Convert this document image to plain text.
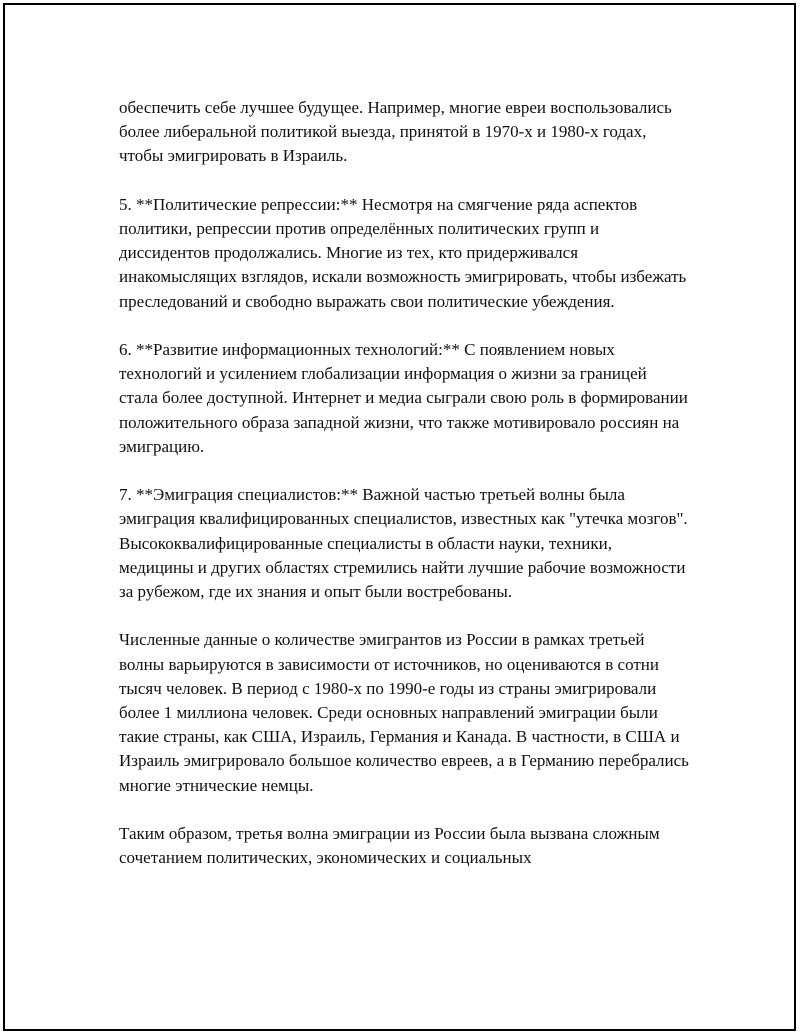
обеспечить себе лучшее будущее. Например, многие евреи воспользовались более либеральной политикой выезда, принятой в 1970-х и 1980-х годах, чтобы эмигрировать в Израиль.

5. **Политические репрессии:** Несмотря на смягчение ряда аспектов политики, репрессии против определённых политических групп и диссидентов продолжались. Многие из тех, кто придерживался инакомыслящих взглядов, искали возможность эмигрировать, чтобы избежать преследований и свободно выражать свои политические убеждения.

6. **Развитие информационных технологий:** С появлением новых технологий и усилением глобализации информация о жизни за границей стала более доступной. Интернет и медиа сыграли свою роль в формировании положительного образа западной жизни, что также мотивировало россиян на эмиграцию.

7. **Эмиграция специалистов:** Важной частью третьей волны была эмиграция квалифицированных специалистов, известных как "утечка мозгов". Высококвалифицированные специалисты в области науки, техники, медицины и других областях стремились найти лучшие рабочие возможности за рубежом, где их знания и опыт были востребованы.

Численные данные о количестве эмигрантов из России в рамках третьей волны варьируются в зависимости от источников, но оцениваются в сотни тысяч человек. В период с 1980-х по 1990-е годы из страны эмигрировали более 1 миллиона человек. Среди основных направлений эмиграции были такие страны, как США, Израиль, Германия и Канада. В частности, в США и Израиль эмигрировало большое количество евреев, а в Германию перебрались многие этнические немцы.

Таким образом, третья волна эмиграции из России была вызвана сложным сочетанием политических, экономических и социальных
